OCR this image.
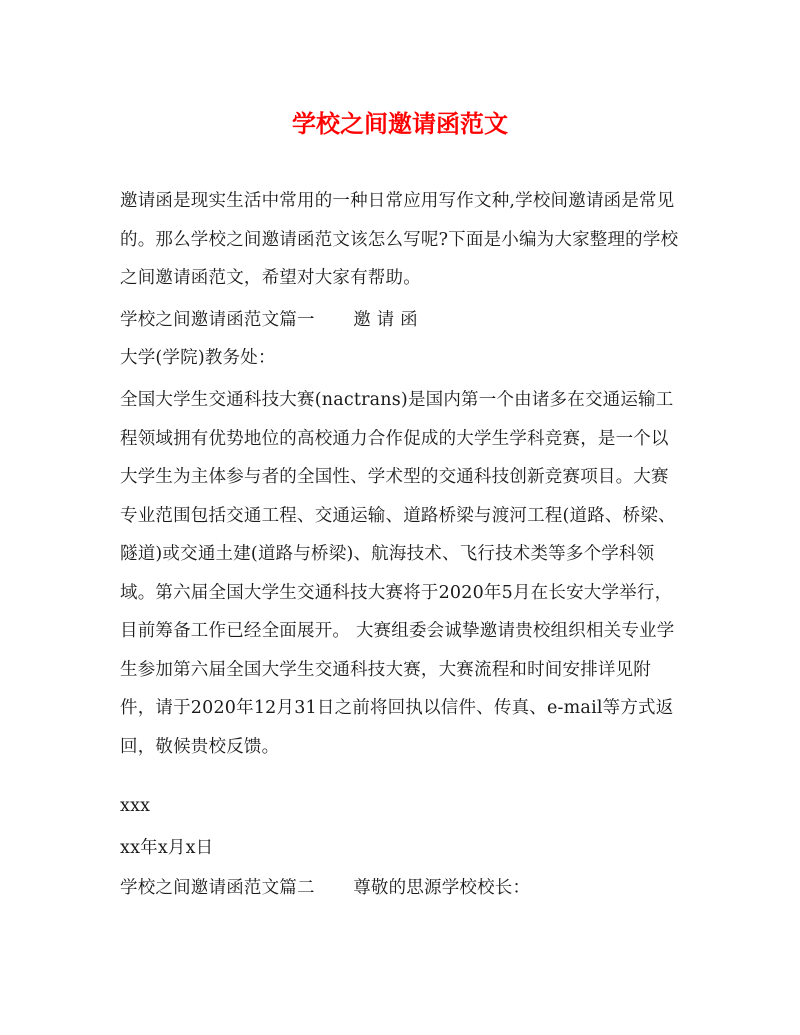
学校之间邀请函范文

邀请函是现实生活中常用的一种日常应用写作文种,学校间邀请函是常见的。那么学校之间邀请函范文该怎么写呢?下面是小编为大家整理的学校之间邀请函范文，希望对大家有帮助。

学校之间邀请函范文篇一 邀 请 函

大学(学院)教务处：

全国大学生交通科技大赛(nactrans)是国内第一个由诸多在交通运输工程领域拥有优势地位的高校通力合作促成的大学生学科竞赛，是一个以大学生为主体参与者的全国性、学术型的交通科技创新竞赛项目。大赛专业范围包括交通工程、交通运输、道路桥梁与渡河工程(道路、桥梁、隧道)或交通土建(道路与桥梁)、航海技术、飞行技术类等多个学科领域。第六届全国大学生交通科技大赛将于2020年5月在长安大学举行，目前筹备工作已经全面展开。 大赛组委会诚挚邀请贵校组织相关专业学生参加第六届全国大学生交通科技大赛，大赛流程和时间安排详见附件，请于2020年12月31日之前将回执以信件、传真、e-mail等方式返回，敬候贵校反馈。

xxx

xx年x月x日

学校之间邀请函范文篇二 尊敬的思源学校校长：
